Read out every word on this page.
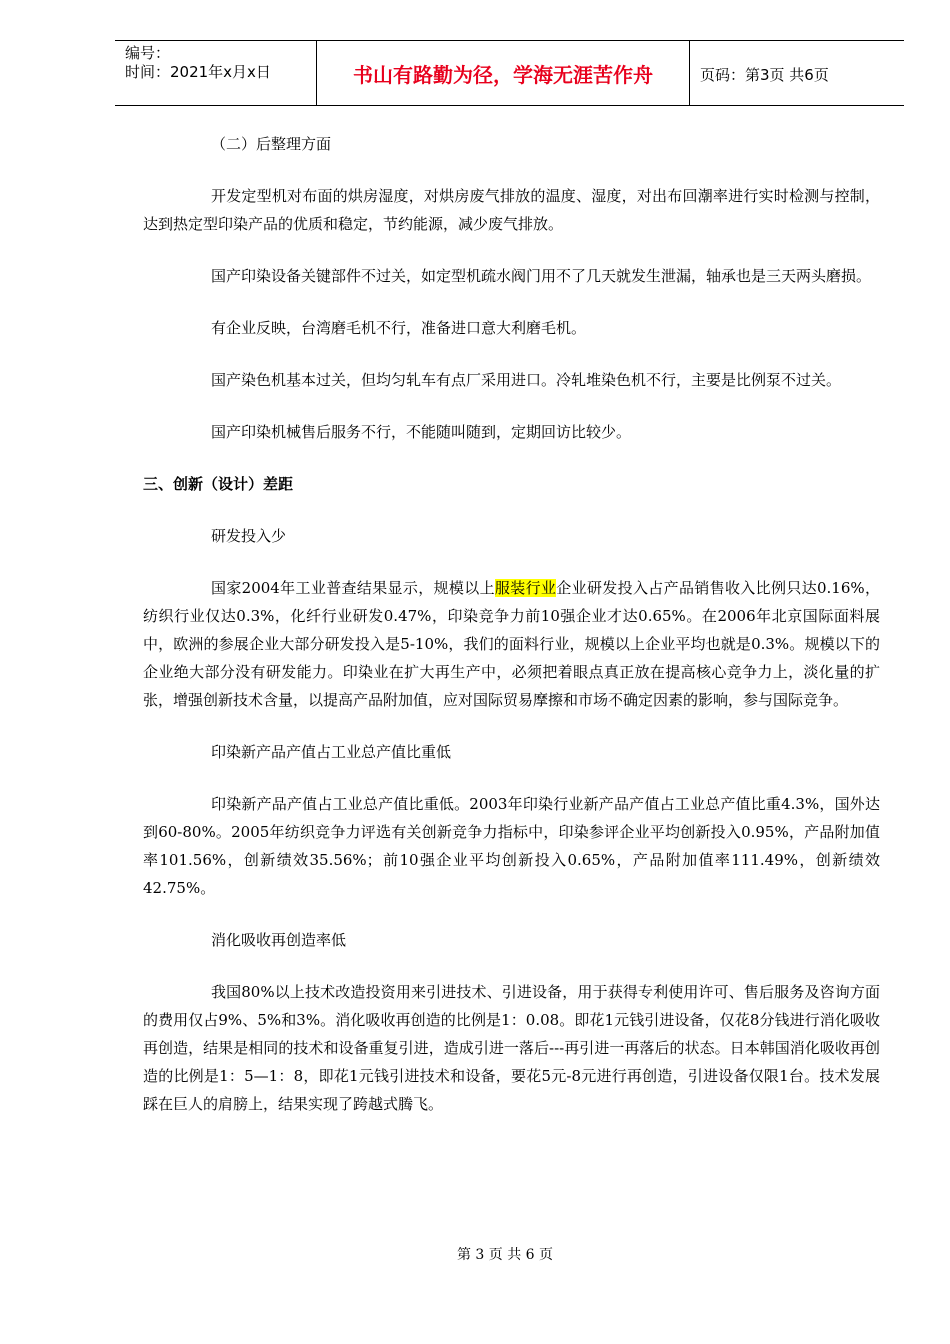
编号：
时间：2021年x月x日	书山有路勤为径，学海无涯苦作舟	页码：第3页 共6页

（二）后整理方面

开发定型机对布面的烘房湿度，对烘房废气排放的温度、湿度，对出布回潮率进行实时检测与控制，达到热定型印染产品的优质和稳定，节约能源，减少废气排放。

国产印染设备关键部件不过关，如定型机疏水阀门用不了几天就发生泄漏，轴承也是三天两头磨损。

有企业反映，台湾磨毛机不行，准备进口意大利磨毛机。

国产染色机基本过关，但均匀轧车有点厂采用进口。冷轧堆染色机不行，主要是比例泵不过关。

国产印染机械售后服务不行，不能随叫随到，定期回访比较少。

三、创新（设计）差距

研发投入少

国家2004年工业普查结果显示，规模以上服装行业企业研发投入占产品销售收入比例只达0.16%，纺织行业仅达0.3%，化纤行业研发0.47%，印染竞争力前10强企业才达0.65%。在2006年北京国际面料展中，欧洲的参展企业大部分研发投入是5-10%，我们的面料行业，规模以上企业平均也就是0.3%。规模以下的企业绝大部分没有研发能力。印染业在扩大再生产中，必须把着眼点真正放在提高核心竞争力上，淡化量的扩张，增强创新技术含量，以提高产品附加值，应对国际贸易摩擦和市场不确定因素的影响，参与国际竞争。

印染新产品产值占工业总产值比重低

印染新产品产值占工业总产值比重低。2003年印染行业新产品产值占工业总产值比重4.3%，国外达到60-80%。2005年纺织竞争力评选有关创新竞争力指标中，印染参评企业平均创新投入0.95%，产品附加值率101.56%，创新绩效35.56%；前10强企业平均创新投入0.65%，产品附加值率111.49%，创新绩效42.75%。

消化吸收再创造率低

我国80%以上技术改造投资用来引进技术、引进设备，用于获得专利使用许可、售后服务及咨询方面的费用仅占9%、5%和3%。消化吸收再创造的比例是1：0.08。即花1元钱引进设备，仅花8分钱进行消化吸收再创造，结果是相同的技术和设备重复引进，造成引进一落后---再引进一再落后的状态。日本韩国消化吸收再创造的比例是1：5—1：8，即花1元钱引进技术和设备，要花5元-8元进行再创造，引进设备仅限1台。技术发展踩在巨人的肩膀上，结果实现了跨越式腾飞。

第 3 页 共 6 页
